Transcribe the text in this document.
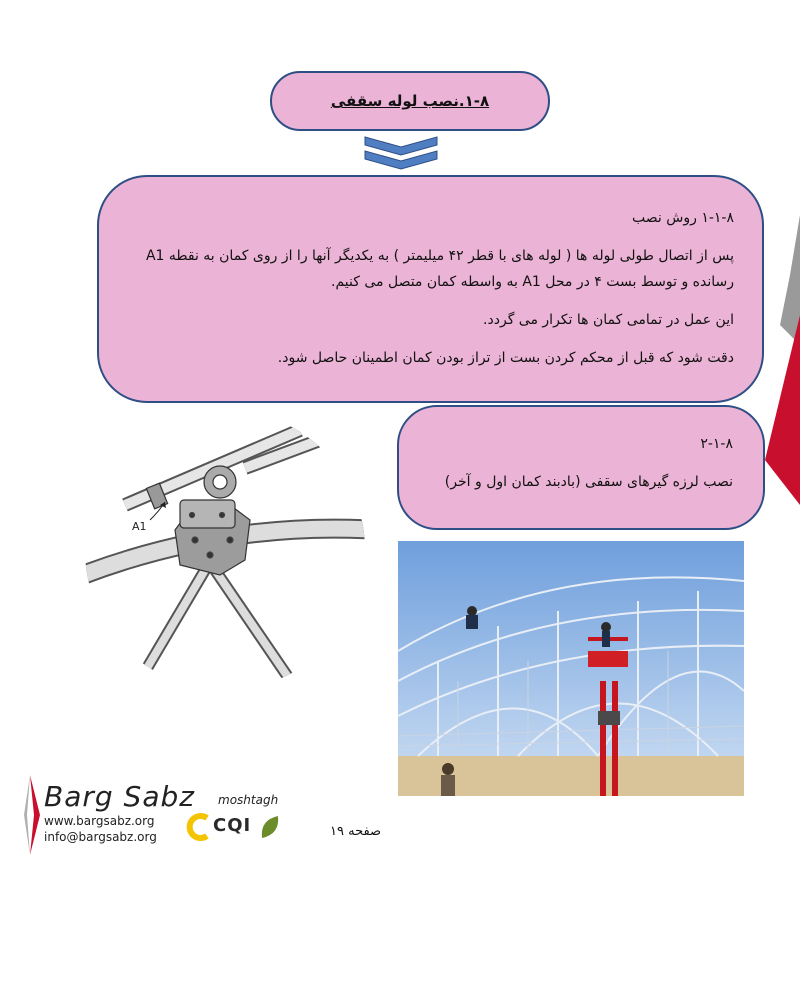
۱-۸.نصب لوله سقفی

۱-۱-۸ روش نصب

پس از اتصال طولی لوله ها ( لوله های با قطر ۴۲ میلیمتر ) به یکدیگر آنها را از روی کمان به نقطه A1 رسانده و توسط بست ۴ در محل A1 به واسطه کمان متصل می کنیم.

این عمل در تمامی کمان ها تکرار می گردد.

دقت شود که قبل از محکم کردن بست از تراز بودن کمان اطمینان حاصل شود.

۲-۱-۸

نصب لرزه گیرهای سقفی (بادبند کمان اول و آخر)

A1
Barg Sabz moshtagh
www.bargsabz.org
info@bargsabz.org
CQI	صفحه ۱۹
